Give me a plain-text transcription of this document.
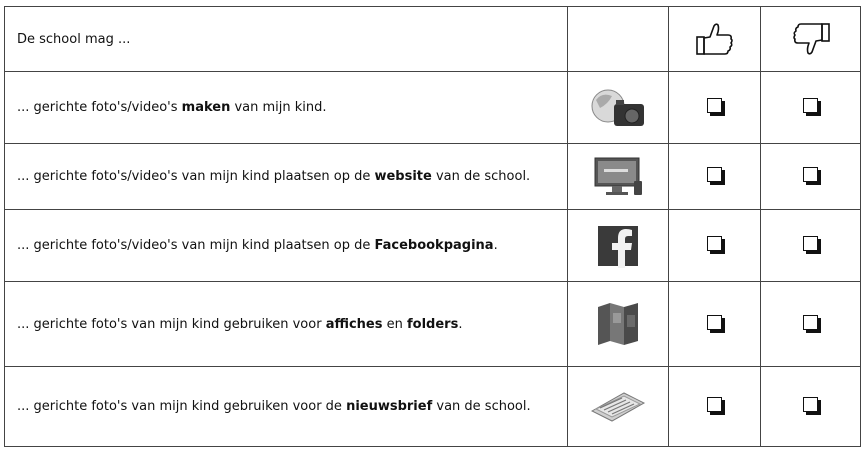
De school mag ...			
... gerichte foto's/video's maken van mijn kind.			
... gerichte foto's/video's van mijn kind plaatsen op de website van de school.			
... gerichte foto's/video's van mijn kind plaatsen op de Facebookpagina.			
... gerichte foto's van mijn kind gebruiken voor affiches en folders.			
... gerichte foto's van mijn kind gebruiken voor de nieuwsbrief van de school.			
